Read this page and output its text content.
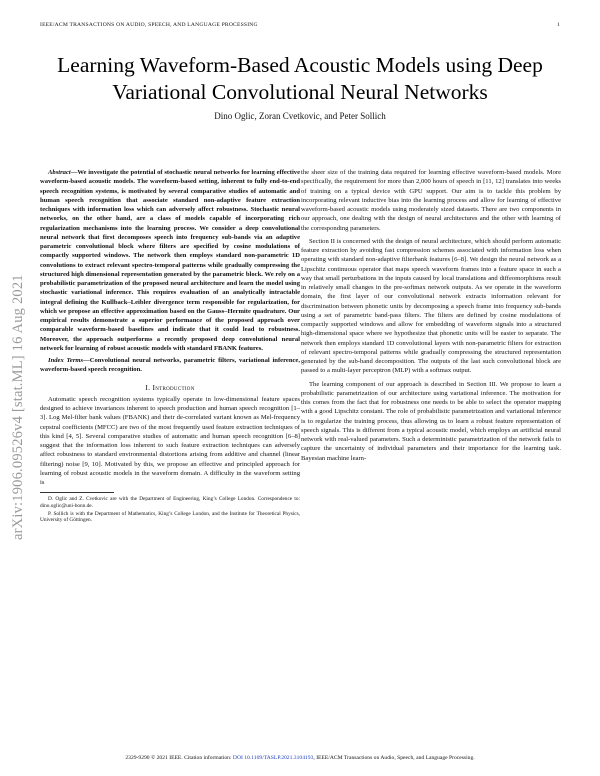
IEEE/ACM TRANSACTIONS ON AUDIO, SPEECH, AND LANGUAGE PROCESSING	1
arXiv:1906.09526v4 [stat.ML] 16 Aug 2021
Learning Waveform-Based Acoustic Models using Deep Variational Convolutional Neural Networks
Dino Oglic, Zoran Cvetkovic, and Peter Sollich

Abstract—We investigate the potential of stochastic neural networks for learning effective waveform-based acoustic models. The waveform-based setting, inherent to fully end-to-end speech recognition systems, is motivated by several comparative studies of automatic and human speech recognition that associate standard non-adaptive feature extraction techniques with information loss which can adversely affect robustness. Stochastic neural networks, on the other hand, are a class of models capable of incorporating rich regularization mechanisms into the learning process. We consider a deep convolutional neural network that first decomposes speech into frequency sub-bands via an adaptive parametric convolutional block where filters are specified by cosine modulations of compactly supported windows. The network then employs standard non-parametric 1D convolutions to extract relevant spectro-temporal patterns while gradually compressing the structured high dimensional representation generated by the parametric block. We rely on a probabilistic parametrization of the proposed neural architecture and learn the model using stochastic variational inference. This requires evaluation of an analytically intractable integral defining the Kullback–Leibler divergence term responsible for regularization, for which we propose an effective approximation based on the Gauss–Hermite quadrature. Our empirical results demonstrate a superior performance of the proposed approach over comparable waveform-based baselines and indicate that it could lead to robustness. Moreover, the approach outperforms a recently proposed deep convolutional neural network for learning of robust acoustic models with standard FBANK features.

Index Terms—Convolutional neural networks, parametric filters, variational inference, waveform-based speech recognition.

I. Introduction

Automatic speech recognition systems typically operate in low-dimensional feature spaces designed to achieve invariances inherent to speech production and human speech recognition [1–3]. Log Mel-filter bank values (FBANK) and their de-correlated variant known as Mel-frequency cepstral coefficients (MFCC) are two of the most frequently used feature extraction techniques of this kind [4, 5]. Several comparative studies of automatic and human speech recognition [6–8] suggest that the information loss inherent to such feature extraction techniques can adversely affect robustness to standard environmental distortions arising from additive and channel (linear filtering) noise [9, 10]. Motivated by this, we propose an effective and principled approach for learning of robust acoustic models in the waveform domain. A difficulty in the waveform setting is

D. Oglic and Z. Cvetkovic are with the Department of Engineering, King’s College London. Correspondence to: dino.oglic@uni-bonn.de.

P. Sollich is with the Department of Mathematics, King’s College London, and the Institute for Theoretical Physics, University of Göttingen.

the sheer size of the training data required for learning effective waveform-based models. More specifically, the requirement for more than 2,000 hours of speech in [11, 12] translates into weeks of training on a typical device with GPU support. Our aim is to tackle this problem by incorporating relevant inductive bias into the learning process and allow for learning of effective waveform-based acoustic models using moderately sized datasets. There are two components in our approach, one dealing with the design of neural architectures and the other with learning of the corresponding parameters.

Section II is concerned with the design of neural architecture, which should perform automatic feature extraction by avoiding fast compression schemes associated with information loss when operating with standard non-adaptive filterbank features [6–8]. We design the neural network as a Lipschitz continuous operator that maps speech waveform frames into a feature space in such a way that small perturbations in the inputs caused by local translations and diffeomorphisms result in relatively small changes in the pre-softmax network outputs. As we operate in the waveform domain, the first layer of our convolutional network extracts information relevant for discrimination between phonetic units by decomposing a speech frame into frequency sub-bands using a set of parametric band-pass filters. The filters are defined by cosine modulations of compactly supported windows and allow for embedding of waveform signals into a structured high-dimensional space where we hypothesize that phonetic units will be easier to separate. The network then employs standard 1D convolutional layers with non-parametric filters for extraction of relevant spectro-temporal patterns while gradually compressing the structured representation generated by the sub-band decomposition. The outputs of the last such convolutional block are passed to a multi-layer perceptron (MLP) with a softmax output.

The learning component of our approach is described in Section III. We propose to learn a probabilistic parametrization of our architecture using variational inference. The motivation for this comes from the fact that for robustness one needs to be able to select the operator mapping with a good Lipschitz constant. The role of probabilistic parametrization and variational inference is to regularize the training process, thus allowing us to learn a robust feature representation of speech signals. This is different from a typical acoustic model, which employs an artificial neural network with real-valued parameters. Such a deterministic parametrization of the network fails to capture the uncertainty of individual parameters and their importance for the learning task. Bayesian machine learn-

2329-9290 © 2021 IEEE. Citation information: DOI 10.1109/TASLP.2021.3104193, IEEE/ACM Transactions on Audio, Speech, and Language Processing.
